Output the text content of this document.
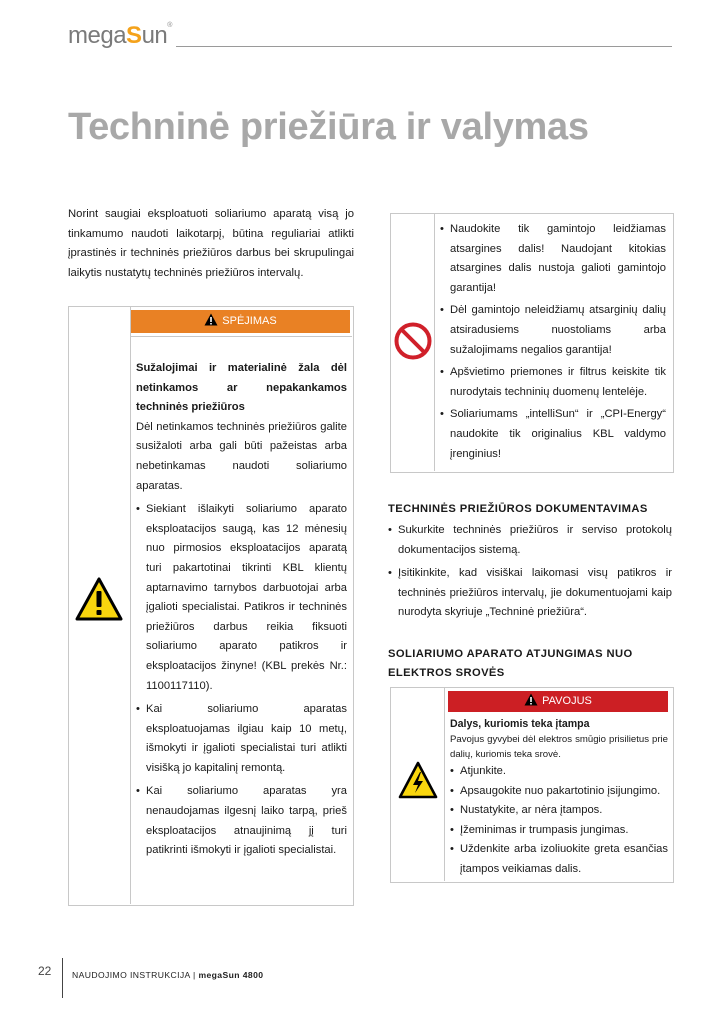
megaSun®
Techninė priežiūra ir valymas
Norint saugiai eksploatuoti soliariumo aparatą visą jo tinkamumo naudoti laikotarpį, būtina reguliariai atlikti įprastinės ir techninės priežiūros darbus bei skrupulingai laikytis nustatytų techninės priežiūros intervalų.
SPĖJIMAS
Sužalojimai ir materialinė žala dėl netinkamos ar nepakankamos techninės priežiūros
Dėl netinkamos techninės priežiūros galite susižaloti arba gali būti pažeistas arba nebetinkamas naudoti soliariumo aparatas.
• Siekiant išlaikyti soliariumo aparato eksploatacijos saugą, kas 12 mėnesių nuo pirmosios eksploatacijos aparatą turi pakartotinai tikrinti KBL klientų aptarnavimo tarnybos darbuotojai arba įgalioti specialistai. Patikros ir techninės priežiūros darbus reikia fiksuoti soliariumo aparato patikros ir eksploatacijos žinyne! (KBL prekės Nr.: 1100117110).
• Kai soliariumo aparatas eksploatuojamas ilgiau kaip 10 metų, išmokyti ir įgalioti specialistai turi atlikti visišką jo kapitalinį remontą.
• Kai soliariumo aparatas yra nenaudojamas ilgesnį laiko tarpą, prieš eksploatacijos atnaujinimą jį turi patikrinti išmokyti ir įgalioti specialistai.
• Naudokite tik gamintojo leidžiamas atsargines dalis! Naudojant kitokias atsargines dalis nustoja galioti gamintojo garantija!
• Dėl gamintojo neleidžiamų atsarginių dalių atsiradusiems nuostoliams arba sužalojimams negalios garantija!
• Apšvietimo priemones ir filtrus keiskite tik nurodytais techninių duomenų lentelėje.
• Soliariumams „intelliSun“ ir „CPI-Energy“ naudokite tik originalius KBL valdymo įrenginius!
TECHNINĖS PRIEŽIŪROS DOKUMENTAVIMAS
• Sukurkite techninės priežiūros ir serviso protokolų dokumentacijos sistemą.
• Įsitikinkite, kad visiškai laikomasi visų patikros ir techninės priežiūros intervalų, jie dokumentuojami kaip nurodyta skyriuje „Techninė priežiūra“.
SOLIARIUMO APARATO ATJUNGIMAS NUO ELEKTROS SROVĖS
PAVOJUS
Dalys, kuriomis teka įtampa
Pavojus gyvybei dėl elektros smūgio prisilietus prie dalių, kuriomis teka srovė.
• Atjunkite.
• Apsaugokite nuo pakartotinio įsijungimo.
• Nustatykite, ar nėra įtampos.
• Įžeminimas ir trumpasis jungimas.
• Uždenkite arba izoliuokite greta esančias įtampos veikiamas dalis.
22 NAUDOJIMO INSTRUKCIJA | megaSun 4800
